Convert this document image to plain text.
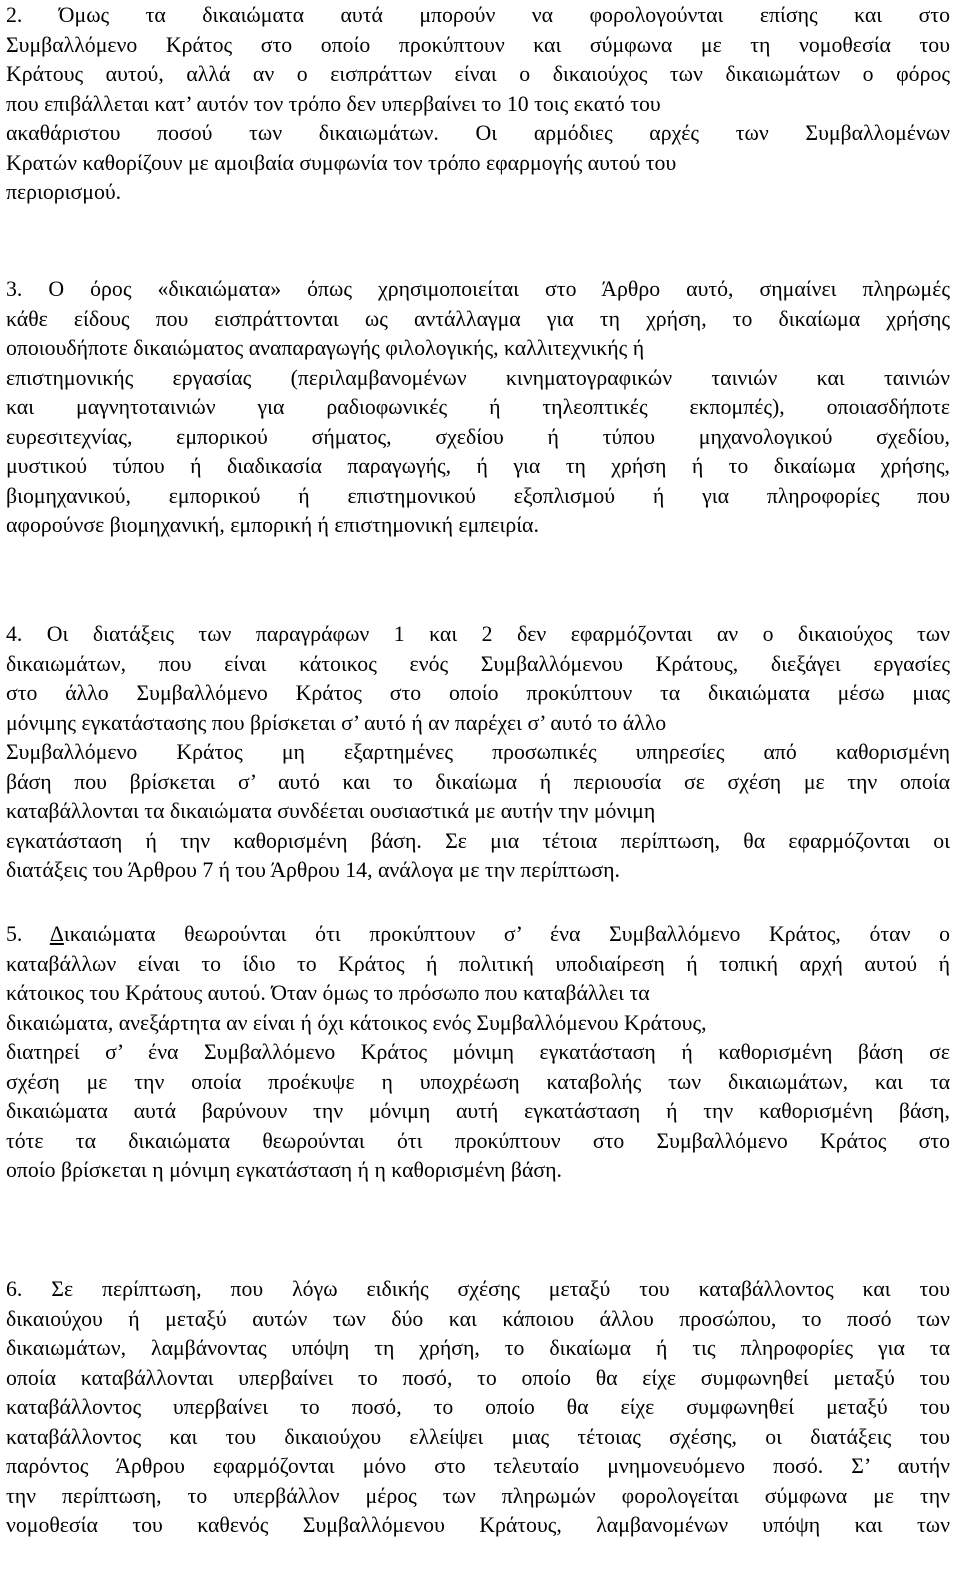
2. Όμως τα δικαιώματα αυτά μπορούν να φορολογούνται επίσης και στο
Συμβαλλόμενο Κράτος στο οποίο προκύπτουν και σύμφωνα με τη νομοθεσία του
Κράτους αυτού, αλλά αν ο εισπράττων είναι ο δικαιούχος των δικαιωμάτων ο φόρος
που επιβάλλεται κατ’ αυτόν τον τρόπο δεν υπερβαίνει το 10 τοις εκατό του
ακαθάριστου ποσού των δικαιωμάτων. Οι αρμόδιες αρχές των Συμβαλλομένων
Κρατών καθορίζουν με αμοιβαία συμφωνία τον τρόπο εφαρμογής αυτού του
περιορισμού.
3. Ο όρος «δικαιώματα» όπως χρησιμοποιείται στο Άρθρο αυτό, σημαίνει πληρωμές
κάθε είδους που εισπράττονται ως αντάλλαγμα για τη χρήση, το δικαίωμα χρήσης
οποιουδήποτε δικαιώματος αναπαραγωγής φιλολογικής, καλλιτεχνικής ή
επιστημονικής εργασίας (περιλαμβανομένων κινηματογραφικών ταινιών και ταινιών
και μαγνητοταινιών για ραδιοφωνικές ή τηλεοπτικές εκπομπές), οποιασδήποτε
ευρεσιτεχνίας, εμπορικού σήματος, σχεδίου ή τύπου μηχανολογικού σχεδίου,
μυστικού τύπου ή διαδικασία παραγωγής, ή για τη χρήση ή το δικαίωμα χρήσης,
βιομηχανικού, εμπορικού ή επιστημονικού εξοπλισμού ή για πληροφορίες που
αφορούνσε βιομηχανική, εμπορική ή επιστημονική εμπειρία.
4. Οι διατάξεις των παραγράφων 1 και 2 δεν εφαρμόζονται αν ο δικαιούχος των
δικαιωμάτων, που είναι κάτοικος ενός Συμβαλλόμενου Κράτους, διεξάγει εργασίες
στο άλλο Συμβαλλόμενο Κράτος στο οποίο προκύπτουν τα δικαιώματα μέσω μιας
μόνιμης εγκατάστασης που βρίσκεται σ’ αυτό ή αν παρέχει σ’ αυτό το άλλο
Συμβαλλόμενο Κράτος μη εξαρτημένες προσωπικές υπηρεσίες από καθορισμένη
βάση που βρίσκεται σ’ αυτό και το δικαίωμα ή περιουσία σε σχέση με την οποία
καταβάλλονται τα δικαιώματα συνδέεται ουσιαστικά με αυτήν την μόνιμη
εγκατάσταση ή την καθορισμένη βάση. Σε μια τέτοια περίπτωση, θα εφαρμόζονται οι
διατάξεις του Άρθρου 7 ή του Άρθρου 14, ανάλογα με την περίπτωση.
5. Δικαιώματα θεωρούνται ότι προκύπτουν σ’ ένα Συμβαλλόμενο Κράτος, όταν ο
καταβάλλων είναι το ίδιο το Κράτος ή πολιτική υποδιαίρεση ή τοπική αρχή αυτού ή
κάτοικος του Κράτους αυτού. Όταν όμως το πρόσωπο που καταβάλλει τα
δικαιώματα, ανεξάρτητα αν είναι ή όχι κάτοικος ενός Συμβαλλόμενου Κράτους,
διατηρεί σ’ ένα Συμβαλλόμενο Κράτος μόνιμη εγκατάσταση ή καθορισμένη βάση σε
σχέση με την οποία προέκυψε η υποχρέωση καταβολής των δικαιωμάτων, και τα
δικαιώματα αυτά βαρύνουν την μόνιμη αυτή εγκατάσταση ή την καθορισμένη βάση,
τότε τα δικαιώματα θεωρούνται ότι προκύπτουν στο Συμβαλλόμενο Κράτος στο
οποίο βρίσκεται η μόνιμη εγκατάσταση ή η καθορισμένη βάση.
6. Σε περίπτωση, που λόγω ειδικής σχέσης μεταξύ του καταβάλλοντος και του
δικαιούχου ή μεταξύ αυτών των δύο και κάποιου άλλου προσώπου, το ποσό των
δικαιωμάτων, λαμβάνοντας υπόψη τη χρήση, το δικαίωμα ή τις πληροφορίες για τα
οποία καταβάλλονται υπερβαίνει το ποσό, το οποίο θα είχε συμφωνηθεί μεταξύ του
καταβάλλοντος υπερβαίνει το ποσό, το οποίο θα είχε συμφωνηθεί μεταξύ του
καταβάλλοντος και του δικαιούχου ελλείψει μιας τέτοιας σχέσης, οι διατάξεις του
παρόντος Άρθρου εφαρμόζονται μόνο στο τελευταίο μνημονευόμενο ποσό. Σ’ αυτήν
την περίπτωση, το υπερβάλλον μέρος των πληρωμών φορολογείται σύμφωνα με την
νομοθεσία του καθενός Συμβαλλόμενου Κράτους, λαμβανομένων υπόψη και των
